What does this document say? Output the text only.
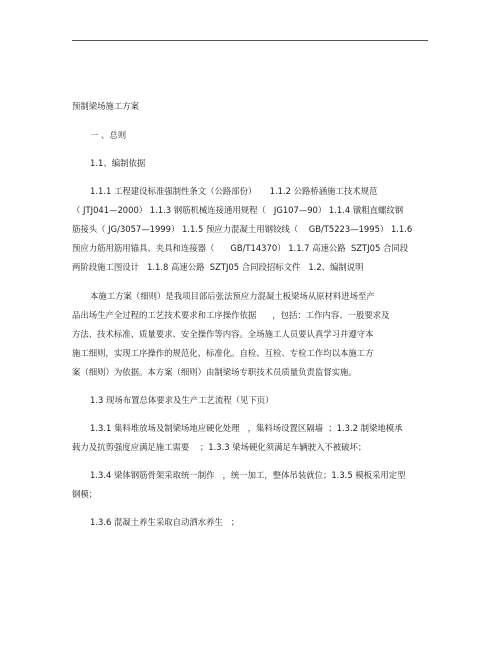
预制梁场施工方案
一 、总则
1.1、编制依据
1.1.1 工程建设标准强制性条文（公路部份）     1.1.2 公路桥涵施工技术规范
（ JTJ041—2000） 1.1.3 钢筋机械连接通用规程（   JG107—90） 1.1.4 镦粗直螺纹钢
筋接头（ JG/3057—1999） 1.1.5 预应力混凝土用钢铰线（    GB/T5223—1995） 1.1.6
预应力筋用筋用锚具、夹具和连接器（      GB/T14370） 1.1.7 高速公路  SZTJ05 合同段
两阶段施工图设计   1.1.8 高速公路  SZTJ05 合同段招标文件   1.2、编制说明
本施工方案（细则）是我项目部后张法预应力混凝土板梁场从原材料进场至产
品出场生产全过程的工艺技术要求和工序操作依据      ，包括：工作内容、一般要求及
方法、技术标准、质量要求、安全操作等内容。全场施工人员要认真学习并遵守本
施工细则，实现工序操作的规范化、标准化。自检、互检、专检工作均以本施工方
案（细则）为依据。本方案（细则）由制梁场专职技术员质量负责监督实施。
1.3 现场布置总体要求及生产工艺流程（见下页）
1.3.1 集料堆放场及制梁场地应硬化处理   ，集料场设置区隔墙  ；1.3.2 制梁地模承
载力及抗剪强度应满足施工需要    ；1.3.3 梁场硬化须满足车辆驶入不被破坏；
1.3.4 梁体钢筋骨架采取统一制作   ，统一加工，整体吊装就位；1.3.5 模板采用定型
钢模；
1.3.6 混凝土养生采取自动洒水养生   ；
